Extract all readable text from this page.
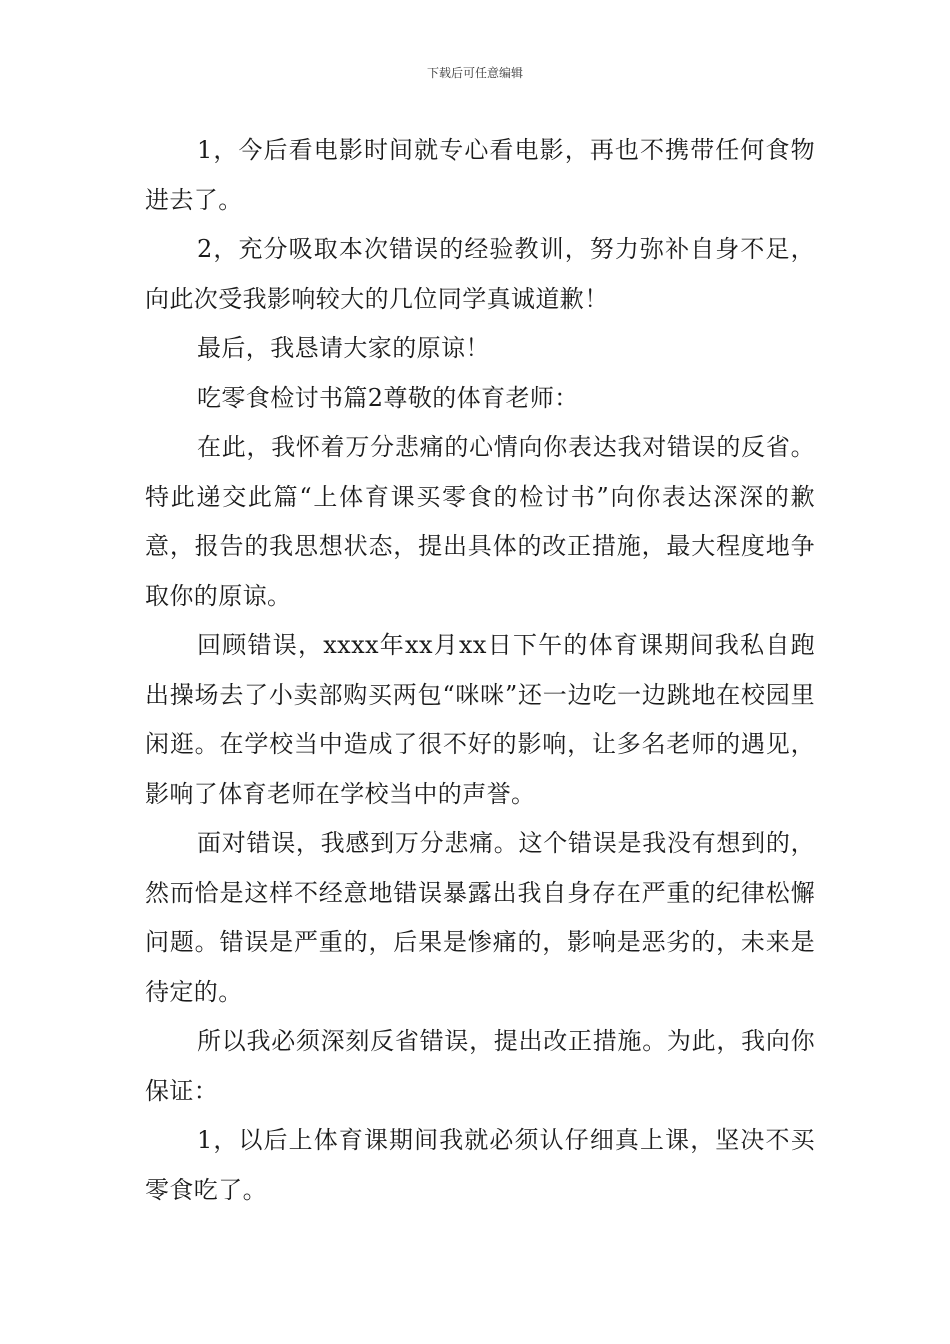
下载后可任意编辑

1，今后看电影时间就专心看电影，再也不携带任何食物进去了。

2，充分吸取本次错误的经验教训，努力弥补自身不足，向此次受我影响较大的几位同学真诚道歉！

最后，我恳请大家的原谅！

吃零食检讨书篇2尊敬的体育老师：

在此，我怀着万分悲痛的心情向你表达我对错误的反省。特此递交此篇“上体育课买零食的检讨书”向你表达深深的歉意，报告的我思想状态，提出具体的改正措施，最大程度地争取你的原谅。

回顾错误，xxxx年xx月xx日下午的体育课期间我私自跑出操场去了小卖部购买两包“咪咪”还一边吃一边跳地在校园里闲逛。在学校当中造成了很不好的影响，让多名老师的遇见，影响了体育老师在学校当中的声誉。

面对错误，我感到万分悲痛。这个错误是我没有想到的，然而恰是这样不经意地错误暴露出我自身存在严重的纪律松懈问题。错误是严重的，后果是惨痛的，影响是恶劣的，未来是待定的。

所以我必须深刻反省错误，提出改正措施。为此，我向你保证：

1，以后上体育课期间我就必须认仔细真上课，坚决不买零食吃了。
